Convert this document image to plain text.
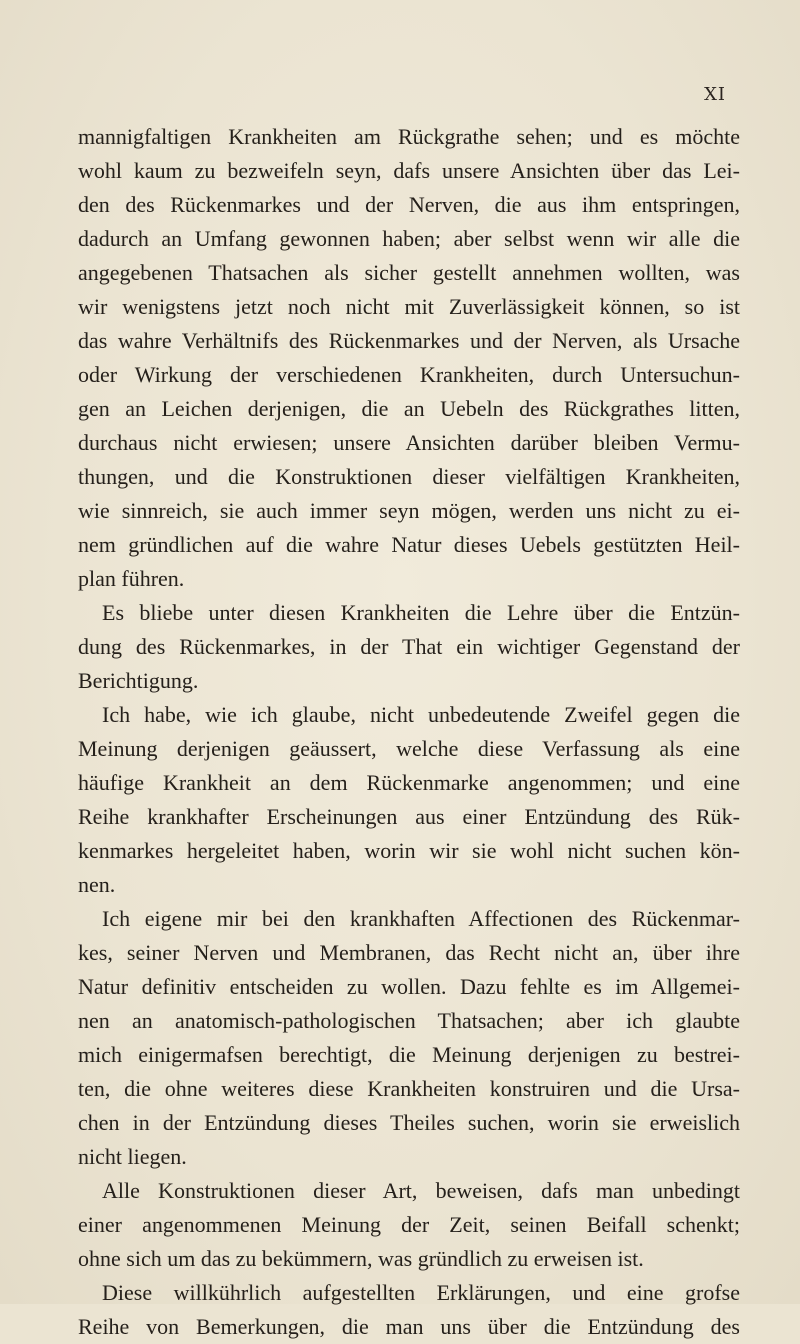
XI
mannigfaltigen Krankheiten am Rückgrathe sehen; und es möchte
wohl kaum zu bezweifeln seyn, dafs unsere Ansichten über das Lei-
den des Rückenmarkes und der Nerven, die aus ihm entspringen,
dadurch an Umfang gewonnen haben; aber selbst wenn wir alle die
angegebenen Thatsachen als sicher gestellt annehmen wollten, was
wir wenigstens jetzt noch nicht mit Zuverlässigkeit können, so ist
das wahre Verhältnifs des Rückenmarkes und der Nerven, als Ursache
oder Wirkung der verschiedenen Krankheiten, durch Untersuchun-
gen an Leichen derjenigen, die an Uebeln des Rückgrathes litten,
durchaus nicht erwiesen; unsere Ansichten darüber bleiben Vermu-
thungen, und die Konstruktionen dieser vielfältigen Krankheiten,
wie sinnreich, sie auch immer seyn mögen, werden uns nicht zu ei-
nem gründlichen auf die wahre Natur dieses Uebels gestützten Heil-
plan führen.
Es bliebe unter diesen Krankheiten die Lehre über die Entzün-
dung des Rückenmarkes, in der That ein wichtiger Gegenstand der
Berichtigung.
Ich habe, wie ich glaube, nicht unbedeutende Zweifel gegen die
Meinung derjenigen geäussert, welche diese Verfassung als eine
häufige Krankheit an dem Rückenmarke angenommen; und eine
Reihe krankhafter Erscheinungen aus einer Entzündung des Rük-
kenmarkes hergeleitet haben, worin wir sie wohl nicht suchen kön-
nen.
Ich eigene mir bei den krankhaften Affectionen des Rückenmar-
kes, seiner Nerven und Membranen, das Recht nicht an, über ihre
Natur definitiv entscheiden zu wollen. Dazu fehlte es im Allgemei-
nen an anatomisch-pathologischen Thatsachen; aber ich glaubte
mich einigermafsen berechtigt, die Meinung derjenigen zu bestrei-
ten, die ohne weiteres diese Krankheiten konstruiren und die Ursa-
chen in der Entzündung dieses Theiles suchen, worin sie erweislich
nicht liegen.
Alle Konstruktionen dieser Art, beweisen, dafs man unbedingt
einer angenommenen Meinung der Zeit, seinen Beifall schenkt;
ohne sich um das zu bekümmern, was gründlich zu erweisen ist.
Diese willkührlich aufgestellten Erklärungen, und eine grofse
Reihe von Bemerkungen, die man uns über die Entzündung des
